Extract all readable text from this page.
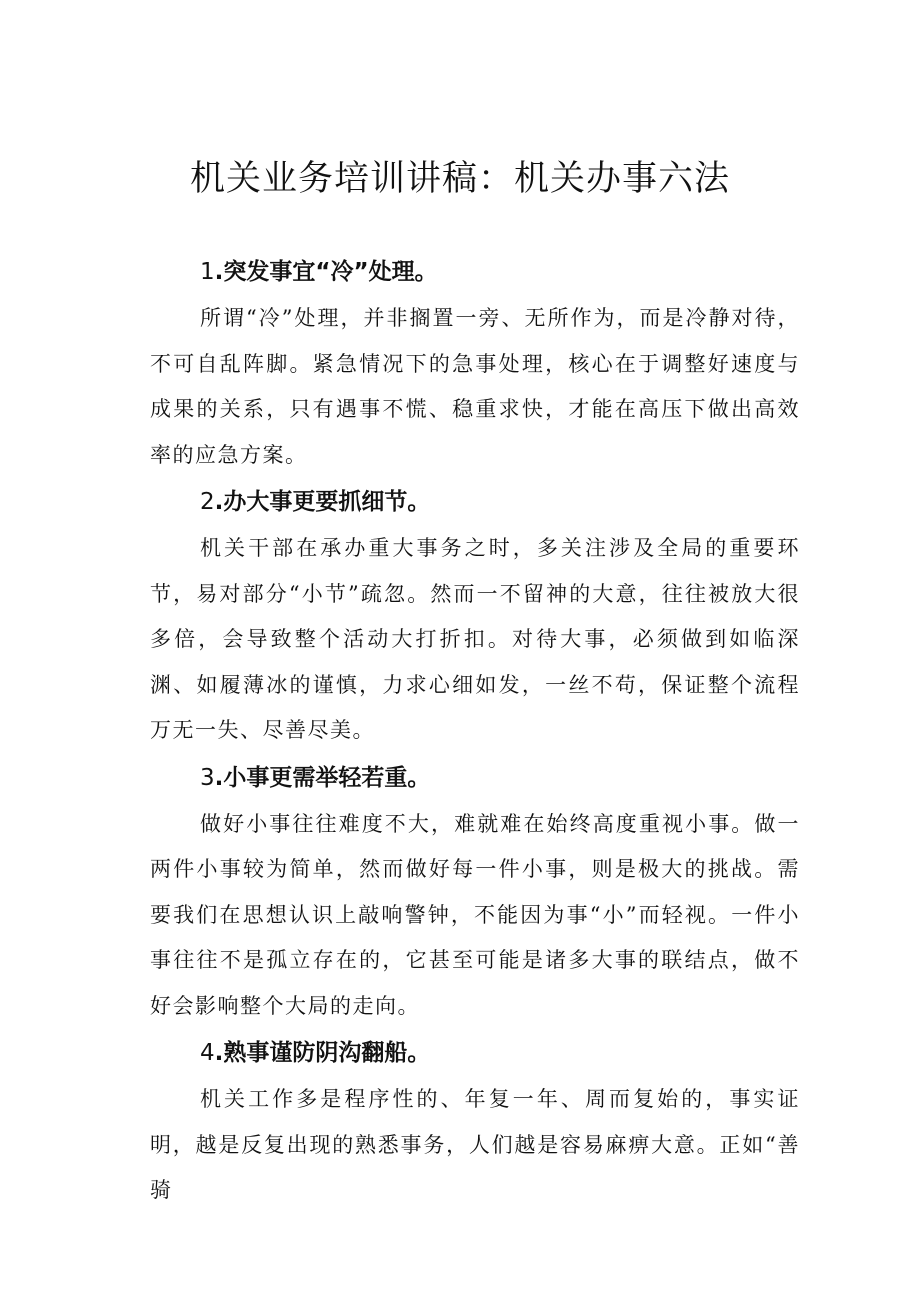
机关业务培训讲稿：机关办事六法
1.突发事宜“冷”处理。

所谓“冷”处理，并非搁置一旁、无所作为，而是冷静对待，不可自乱阵脚。紧急情况下的急事处理，核心在于调整好速度与成果的关系，只有遇事不慌、稳重求快，才能在高压下做出高效率的应急方案。

2.办大事更要抓细节。

机关干部在承办重大事务之时，多关注涉及全局的重要环节，易对部分“小节”疏忽。然而一不留神的大意，往往被放大很多倍，会导致整个活动大打折扣。对待大事，必须做到如临深渊、如履薄冰的谨慎，力求心细如发，一丝不苟，保证整个流程万无一失、尽善尽美。

3.小事更需举轻若重。

做好小事往往难度不大，难就难在始终高度重视小事。做一两件小事较为简单，然而做好每一件小事，则是极大的挑战。需要我们在思想认识上敲响警钟，不能因为事“小”而轻视。一件小事往往不是孤立存在的，它甚至可能是诸多大事的联结点，做不好会影响整个大局的走向。

4.熟事谨防阴沟翻船。

机关工作多是程序性的、年复一年、周而复始的，事实证明，越是反复出现的熟悉事务，人们越是容易麻痹大意。正如“善骑
